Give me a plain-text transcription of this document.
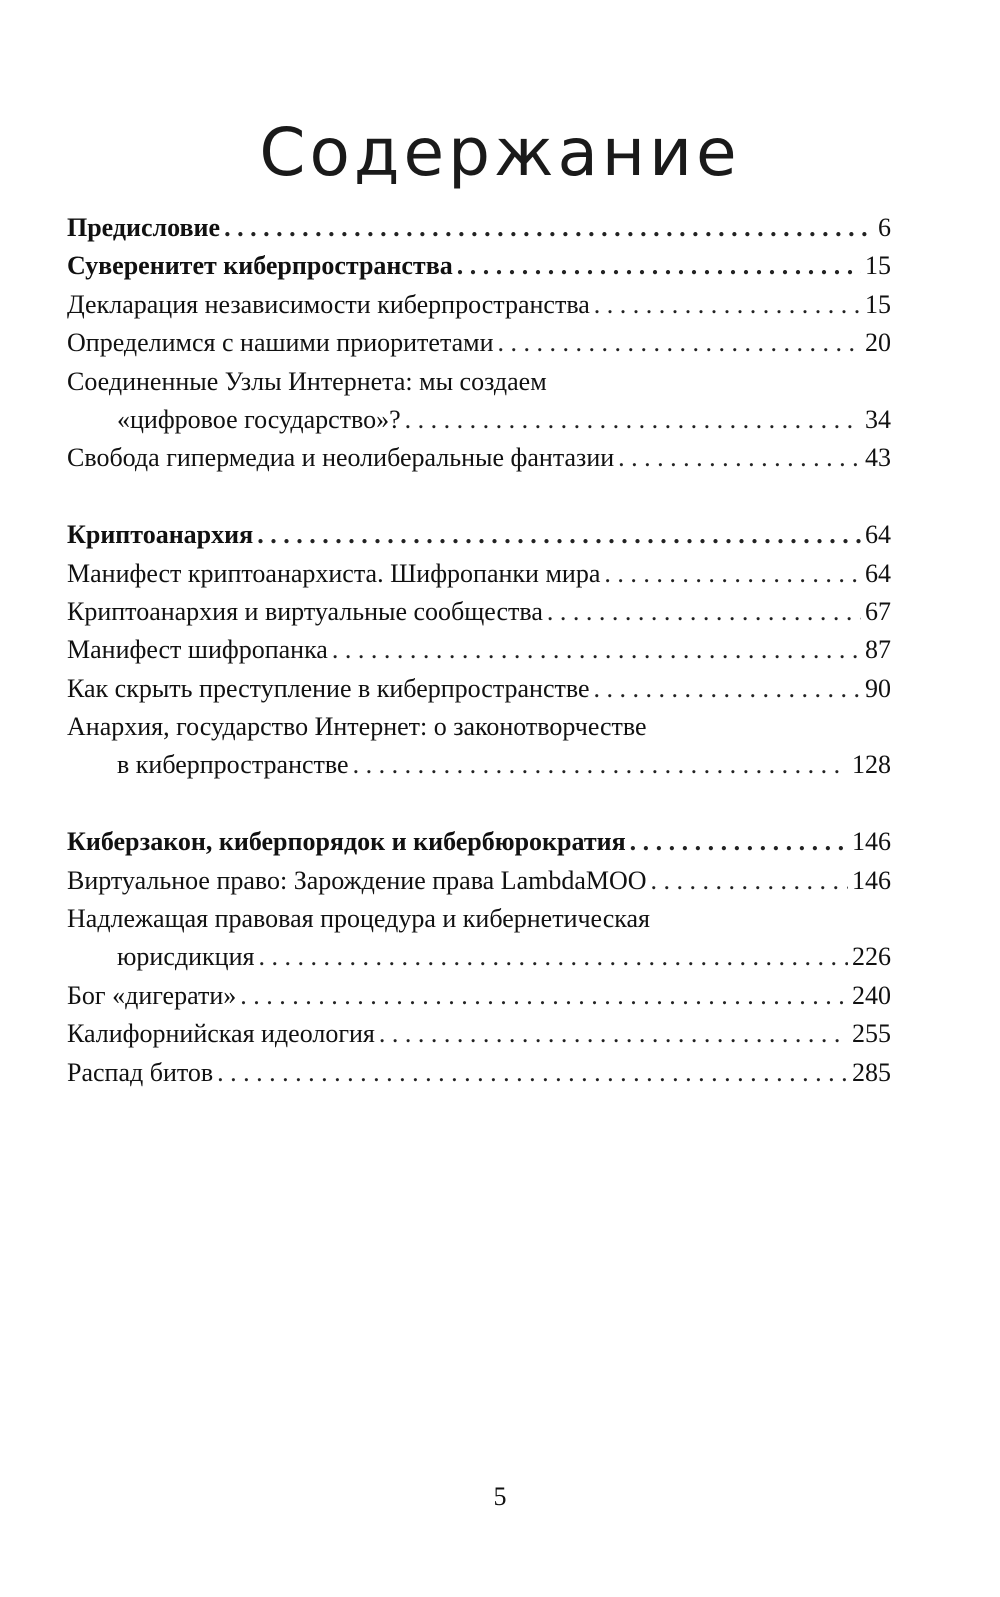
Содержание
Предисловие . . .	6
Суверенитет киберпространства . . .	15
Декларация независимости киберпространства . . .	15
Определимся с нашими приоритетами . . .	20
Соединенные Узлы Интернета: мы создаем
«цифровое государство»? . . .	34
Свобода гипермедиа и неолиберальные фантазии . . .	43
Криптоанархия . . .	64
Манифест криптоанархиста. Шифропанки мира . . .	64
Криптоанархия и виртуальные сообщества . . .	67
Манифест шифропанка . . .	87
Как скрыть преступление в киберпространстве . . .	90
Анархия, государство Интернет: о законотворчестве
в киберпространстве . . .	128
Киберзакон, киберпорядок и кибербюрократия . . .	146
Виртуальное право: Зарождение права LambdaMOO . . .	146
Надлежащая правовая процедура и кибернетическая
юрисдикция . . .	226
Бог «дигерати» . . .	240
Калифорнийская идеология . . .	255
Распад битов . . .	285
5
